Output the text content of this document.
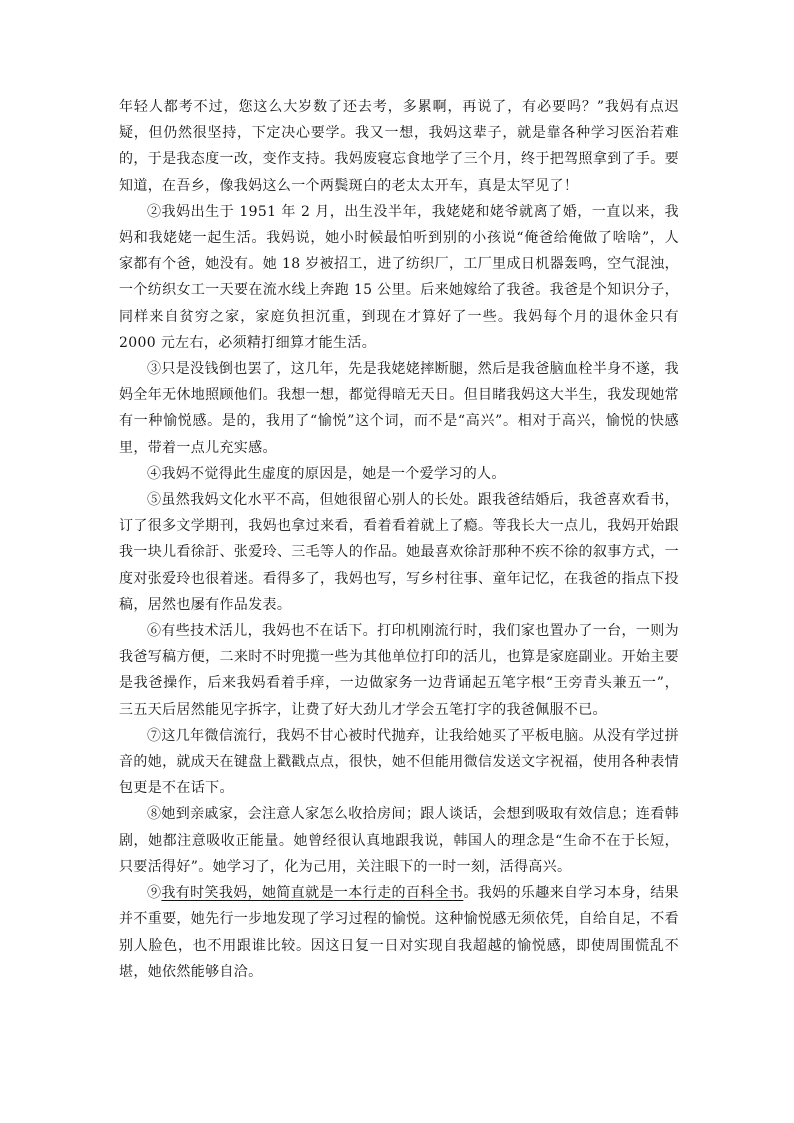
年轻人都考不过，您这么大岁数了还去考，多累啊，再说了，有必要吗？”我妈有点迟疑，但仍然很坚持，下定决心要学。我又一想，我妈这辈子，就是靠各种学习医治若难的，于是我态度一改，变作支持。我妈废寝忘食地学了三个月，终于把驾照拿到了手。要知道，在吾乡，像我妈这么一个两鬓斑白的老太太开车，真是太罕见了！

②我妈出生于 1951 年 2 月，出生没半年，我姥姥和姥爷就离了婚，一直以来，我妈和我姥姥一起生活。我妈说，她小时候最怕听到别的小孩说“俺爸给俺做了啥啥”，人家都有个爸，她没有。她 18 岁被招工，进了纺织厂，工厂里成日机器轰鸣，空气混浊，一个纺织女工一天要在流水线上奔跑 15 公里。后来她嫁给了我爸。我爸是个知识分子，同样来自贫穷之家，家庭负担沉重，到现在才算好了一些。我妈每个月的退休金只有 2000 元左右，必须精打细算才能生活。

③只是没钱倒也罢了，这几年，先是我姥姥摔断腿，然后是我爸脑血栓半身不遂，我妈全年无休地照顾他们。我想一想，都觉得暗无天日。但目睹我妈这大半生，我发现她常有一种愉悦感。是的，我用了“愉悦”这个词，而不是“高兴”。相对于高兴，愉悦的快感里，带着一点儿充实感。

④我妈不觉得此生虚度的原因是，她是一个爱学习的人。

⑤虽然我妈文化水平不高，但她很留心别人的长处。跟我爸结婚后，我爸喜欢看书，订了很多文学期刊，我妈也拿过来看，看着看着就上了瘾。等我长大一点儿，我妈开始跟我一块儿看徐訏、张爱玲、三毛等人的作品。她最喜欢徐訏那种不疾不徐的叙事方式，一度对张爱玲也很着迷。看得多了，我妈也写，写乡村往事、童年记忆，在我爸的指点下投稿，居然也屡有作品发表。

⑥有些技术活儿，我妈也不在话下。打印机刚流行时，我们家也置办了一台，一则为我爸写稿方便，二来时不时兜揽一些为其他单位打印的活儿，也算是家庭副业。开始主要是我爸操作，后来我妈看着手痒，一边做家务一边背诵起五笔字根“王旁青头兼五一”，三五天后居然能见字拆字，让费了好大劲儿才学会五笔打字的我爸佩服不已。

⑦这几年微信流行，我妈不甘心被时代抛弃，让我给她买了平板电脑。从没有学过拼音的她，就成天在键盘上戳戳点点，很快，她不但能用微信发送文字祝福，使用各种表情包更是不在话下。

⑧她到亲戚家，会注意人家怎么收拾房间；跟人谈话，会想到吸取有效信息；连看韩剧，她都注意吸收正能量。她曾经很认真地跟我说，韩国人的理念是“生命不在于长短，只要活得好”。她学习了，化为己用，关注眼下的一时一刻，活得高兴。

⑨我有时笑我妈，她简直就是一本行走的百科全书。我妈的乐趣来自学习本身，结果并不重要，她先行一步地发现了学习过程的愉悦。这种愉悦感无须依凭，自给自足，不看别人脸色，也不用跟谁比较。因这日复一日对实现自我超越的愉悦感，即使周围慌乱不堪，她依然能够自洽。
